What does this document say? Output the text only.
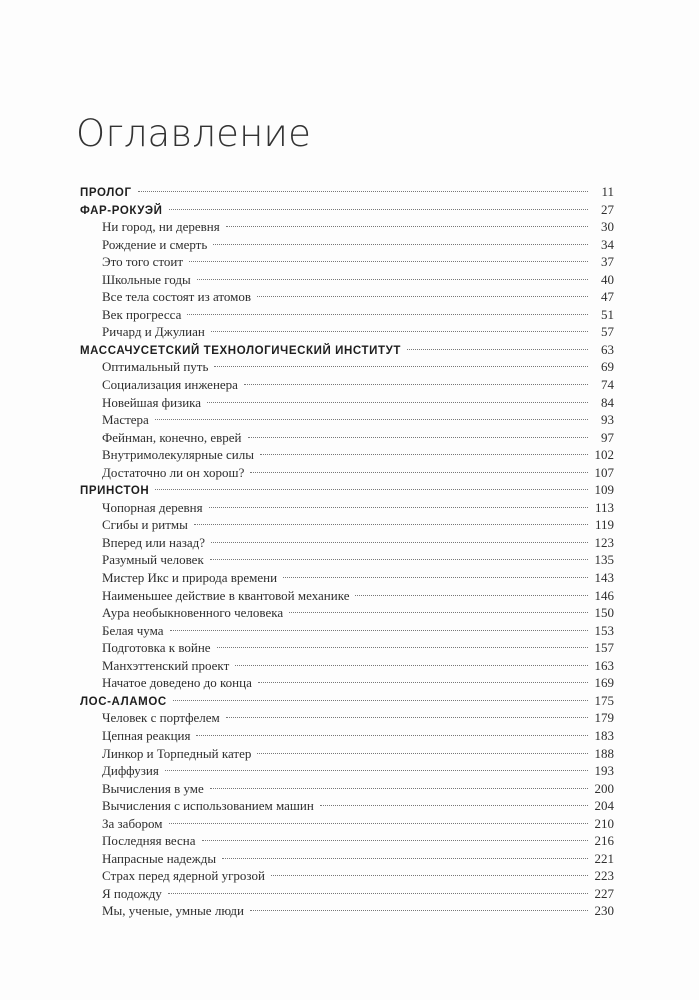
Оглавление
ПРОЛОГ	11
ФАР-РОКУЭЙ	27
Ни город, ни деревня	30
Рождение и смерть	34
Это того стоит	37
Школьные годы	40
Все тела состоят из атомов	47
Век прогресса	51
Ричард и Джулиан	57
МАССАЧУСЕТСКИЙ ТЕХНОЛОГИЧЕСКИЙ ИНСТИТУТ	63
Оптимальный путь	69
Социализация инженера	74
Новейшая физика	84
Мастера	93
Фейнман, конечно, еврей	97
Внутримолекулярные силы	102
Достаточно ли он хорош?	107
ПРИНСТОН	109
Чопорная деревня	113
Сгибы и ритмы	119
Вперед или назад?	123
Разумный человек	135
Мистер Икс и природа времени	143
Наименьшее действие в квантовой механике	146
Аура необыкновенного человека	150
Белая чума	153
Подготовка к войне	157
Манхэттенский проект	163
Начатое доведено до конца	169
ЛОС-АЛАМОС	175
Человек с портфелем	179
Цепная реакция	183
Линкор и Торпедный катер	188
Диффузия	193
Вычисления в уме	200
Вычисления с использованием машин	204
За забором	210
Последняя весна	216
Напрасные надежды	221
Страх перед ядерной угрозой	223
Я подожду	227
Мы, ученые, умные люди	230
